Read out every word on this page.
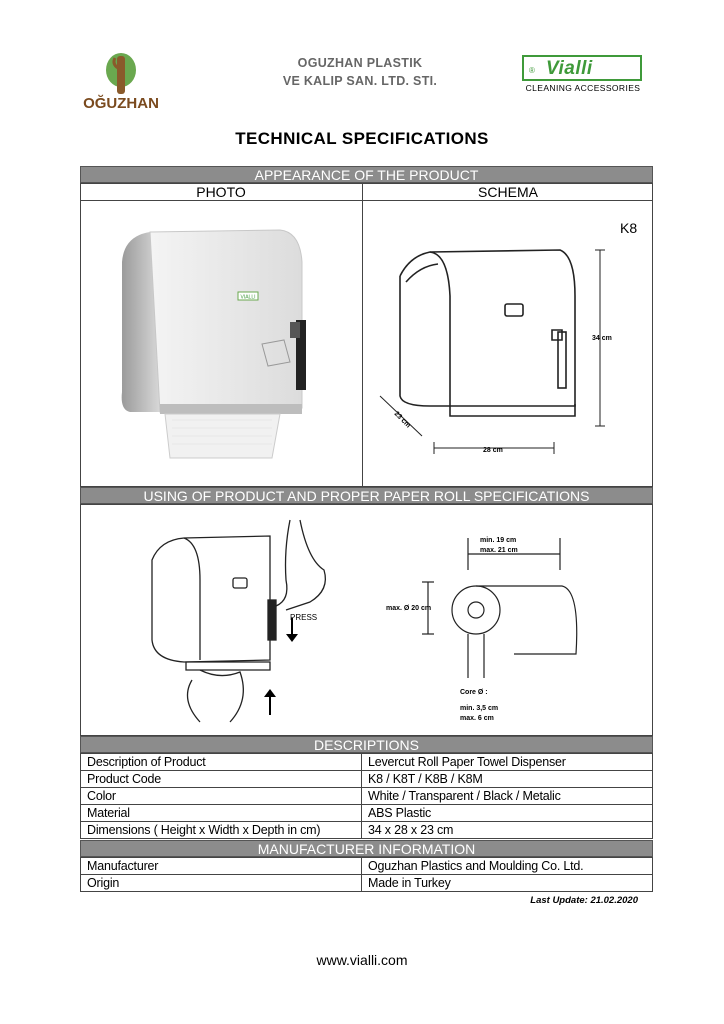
OĞUZHAN
OGUZHAN PLASTIK
VE KALIP SAN. LTD. STI.
® Vialli
CLEANING ACCESSORIES
TECHNICAL SPECIFICATIONS
APPEARANCE OF THE PRODUCT
PHOTO	SCHEMA
VIALLI
K8
34 cm
28 cm
23 cm
USING OF PRODUCT AND PROPER PAPER ROLL SPECIFICATIONS
PRESS
min. 19 cm
max. 21 cm
max. Ø 20 cm
Core Ø :
min. 3,5 cm
max. 6 cm
DESCRIPTIONS
Description of Product	Levercut Roll Paper Towel Dispenser
Product Code	K8 / K8T / K8B / K8M
Color	White / Transparent / Black / Metalic
Material	ABS Plastic
Dimensions ( Height x Width x Depth in cm)	34 x 28 x 23 cm
MANUFACTURER INFORMATION
Manufacturer	Oguzhan Plastics and Moulding Co. Ltd.
Origin	Made in Turkey
Last Update: 21.02.2020
www.vialli.com
